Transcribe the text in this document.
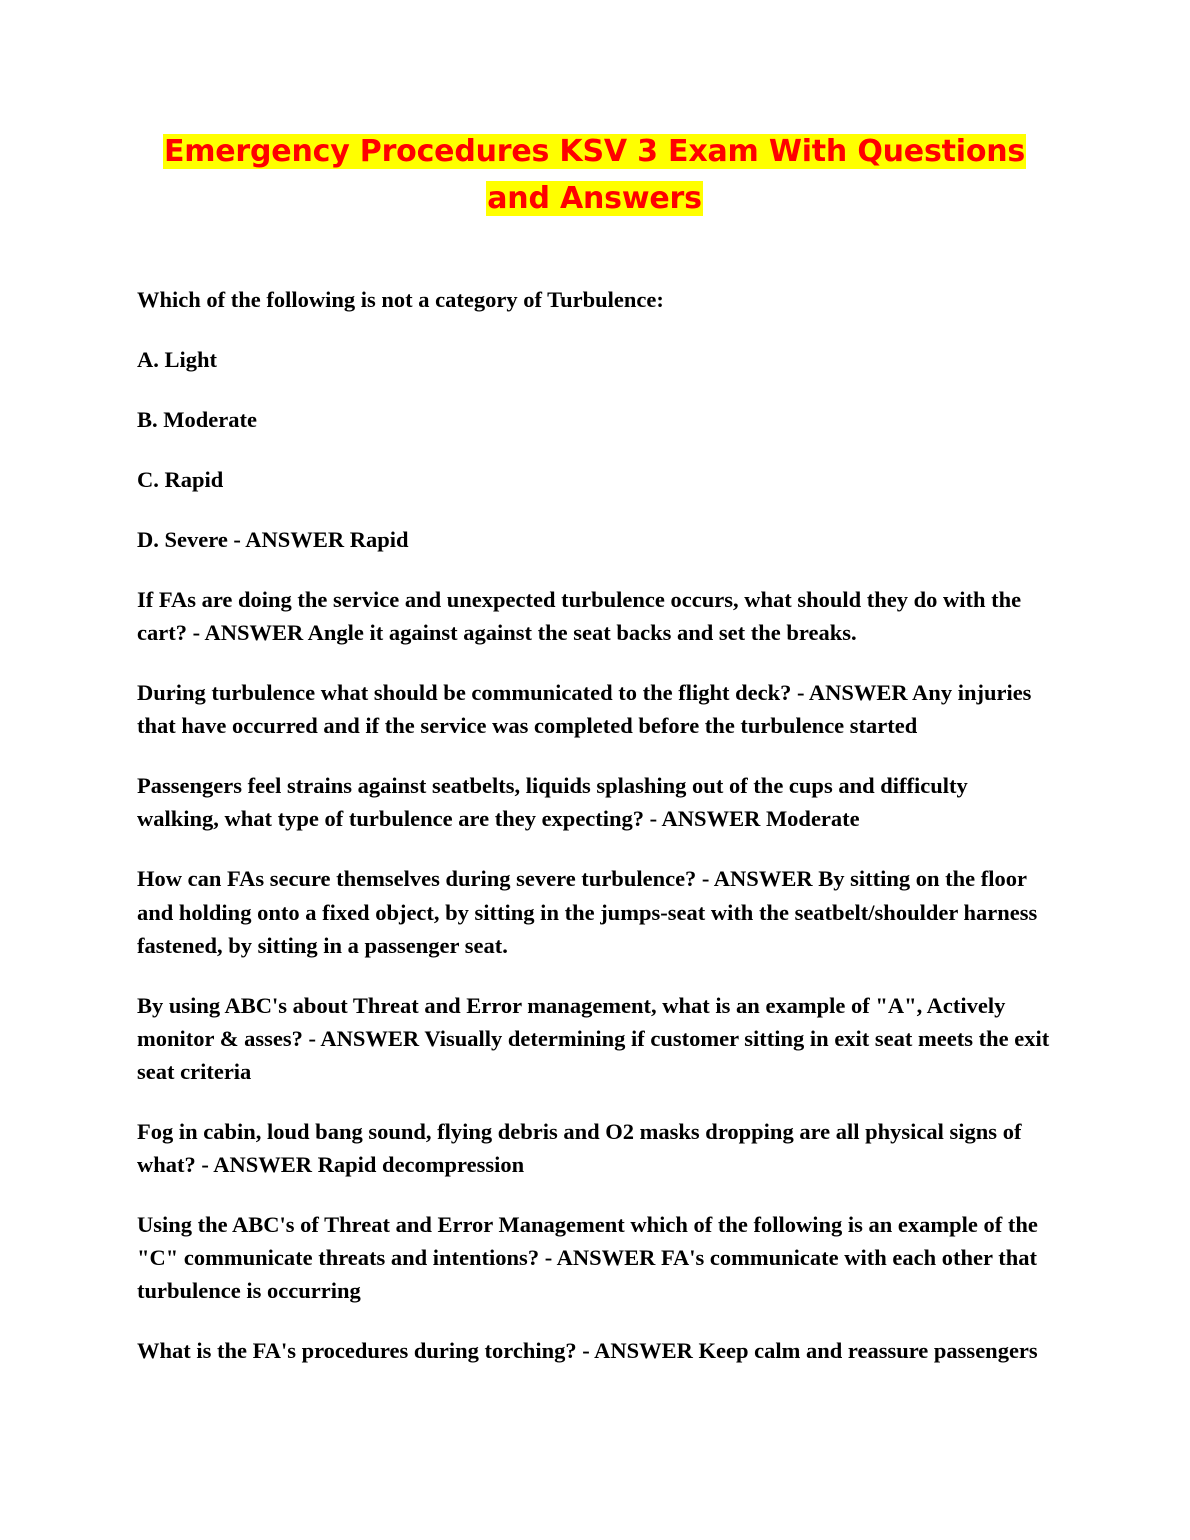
Emergency Procedures KSV 3 Exam With Questions
and Answers

Which of the following is not a category of Turbulence:

A. Light

B. Moderate

C. Rapid

D. Severe - ANSWER Rapid

If FAs are doing the service and unexpected turbulence occurs, what should they do with the cart? - ANSWER Angle it against against the seat backs and set the breaks.

During turbulence what should be communicated to the flight deck? - ANSWER Any injuries that have occurred and if the service was completed before the turbulence started

Passengers feel strains against seatbelts, liquids splashing out of the cups and difficulty walking, what type of turbulence are they expecting? - ANSWER Moderate

How can FAs secure themselves during severe turbulence? - ANSWER By sitting on the floor and holding onto a fixed object, by sitting in the jumps-seat with the seatbelt/shoulder harness fastened, by sitting in a passenger seat.

By using ABC's about Threat and Error management, what is an example of "A", Actively monitor & asses? - ANSWER Visually determining if customer sitting in exit seat meets the exit seat criteria

Fog in cabin, loud bang sound, flying debris and O2 masks dropping are all physical signs of what? - ANSWER Rapid decompression

Using the ABC's of Threat and Error Management which of the following is an example of the "C" communicate threats and intentions? - ANSWER FA's communicate with each other that turbulence is occurring

What is the FA's procedures during torching? - ANSWER Keep calm and reassure passengers
